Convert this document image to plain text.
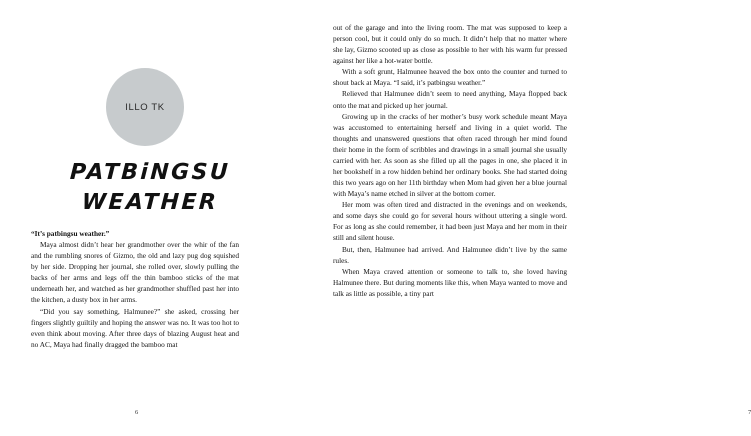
ILLO TK
PATBiNGSU
WEATHER

“It’s patbingsu weather.”

Maya almost didn’t hear her grandmother over the whir of the fan and the rumbling snores of Gizmo, the old and lazy pug dog squished by her side. Dropping her journal, she rolled over, slowly pulling the backs of her arms and legs off the thin bamboo sticks of the mat underneath her, and watched as her grandmother shuffled past her into the kitchen, a dusty box in her arms.

“Did you say something, Halmunee?” she asked, crossing her fingers slightly guiltily and hoping the answer was no. It was too hot to even think about moving. After three days of blazing August heat and no AC, Maya had finally dragged the bamboo mat

6

out of the garage and into the living room. The mat was supposed to keep a person cool, but it could only do so much. It didn’t help that no matter where she lay, Gizmo scooted up as close as possible to her with his warm fur pressed against her like a hot-water bottle.

With a soft grunt, Halmunee heaved the box onto the counter and turned to shout back at Maya. “I said, it’s patbingsu weather.”

Relieved that Halmunee didn’t seem to need anything, Maya flopped back onto the mat and picked up her journal.

Growing up in the cracks of her mother’s busy work schedule meant Maya was accustomed to entertaining herself and living in a quiet world. The thoughts and unanswered questions that often raced through her mind found their home in the form of scribbles and drawings in a small journal she usually carried with her. As soon as she filled up all the pages in one, she placed it in her bookshelf in a row hidden behind her ordinary books. She had started doing this two years ago on her 11th birthday when Mom had given her a blue journal with Maya’s name etched in silver at the bottom corner.

Her mom was often tired and distracted in the evenings and on weekends, and some days she could go for several hours without uttering a single word. For as long as she could remember, it had been just Maya and her mom in their still and silent house.

But, then, Halmunee had arrived. And Halmunee didn’t live by the same rules.

When Maya craved attention or someone to talk to, she loved having Halmunee there. But during moments like this, when Maya wanted to move and talk as little as possible, a tiny part

7
